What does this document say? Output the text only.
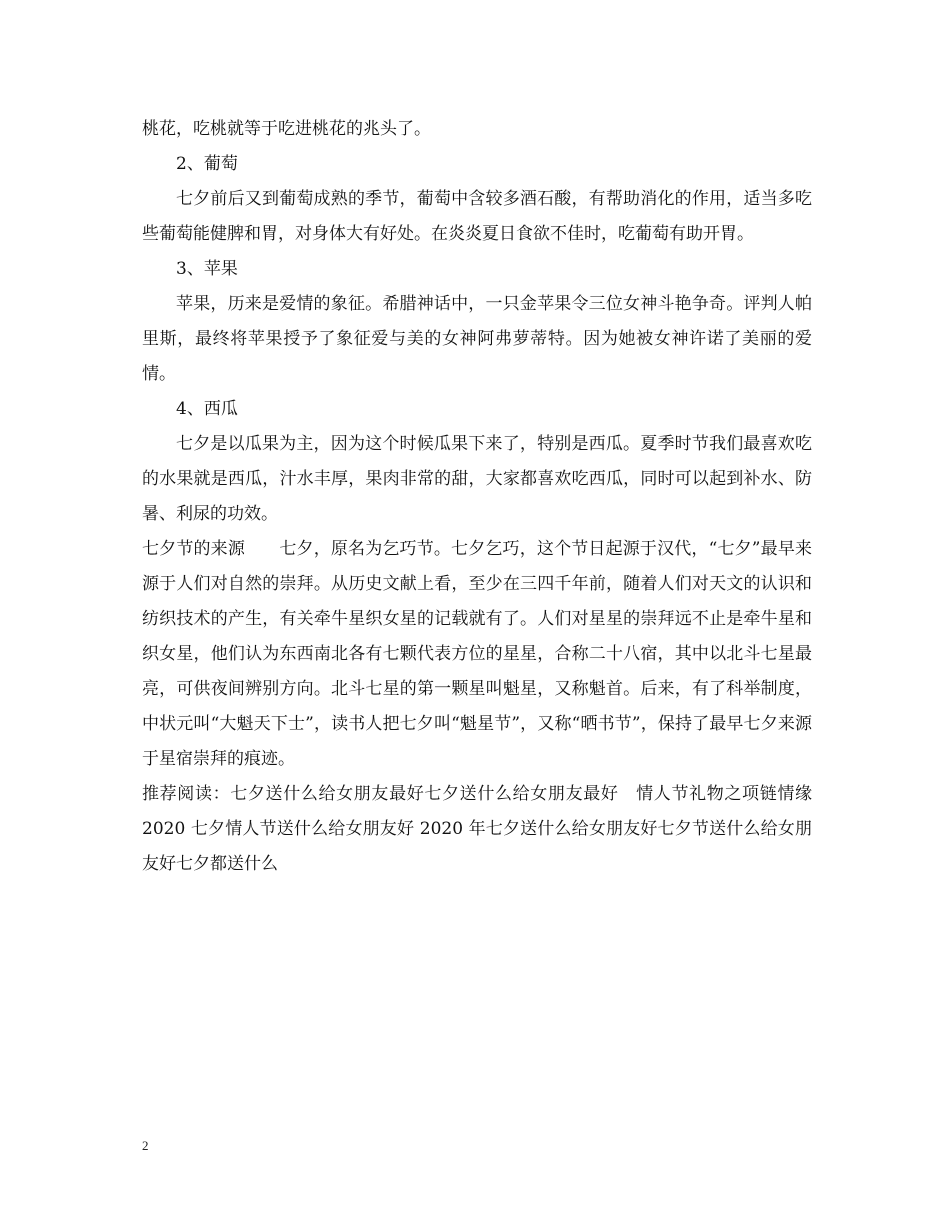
桃花，吃桃就等于吃进桃花的兆头了。

2、葡萄

七夕前后又到葡萄成熟的季节，葡萄中含较多酒石酸，有帮助消化的作用，适当多吃些葡萄能健脾和胃，对身体大有好处。在炎炎夏日食欲不佳时，吃葡萄有助开胃。

3、苹果

苹果，历来是爱情的象征。希腊神话中，一只金苹果令三位女神斗艳争奇。评判人帕里斯，最终将苹果授予了象征爱与美的女神阿弗萝蒂特。因为她被女神许诺了美丽的爱情。

4、西瓜

七夕是以瓜果为主，因为这个时候瓜果下来了，特别是西瓜。夏季时节我们最喜欢吃的水果就是西瓜，汁水丰厚，果肉非常的甜，大家都喜欢吃西瓜，同时可以起到补水、防暑、利尿的功效。

七夕节的来源　　七夕，原名为乞巧节。七夕乞巧，这个节日起源于汉代，“七夕”最早来源于人们对自然的崇拜。从历史文献上看，至少在三四千年前，随着人们对天文的认识和纺织技术的产生，有关牵牛星织女星的记载就有了。人们对星星的崇拜远不止是牵牛星和织女星，他们认为东西南北各有七颗代表方位的星星，合称二十八宿，其中以北斗七星最亮，可供夜间辨别方向。北斗七星的第一颗星叫魁星，又称魁首。后来，有了科举制度，中状元叫“大魁天下士”，读书人把七夕叫“魁星节”，又称“晒书节”，保持了最早七夕来源于星宿崇拜的痕迹。

推荐阅读：七夕送什么给女朋友最好七夕送什么给女朋友最好　情人节礼物之项链情缘 2020 七夕情人节送什么给女朋友好 2020 年七夕送什么给女朋友好七夕节送什么给女朋友好七夕都送什么

2
